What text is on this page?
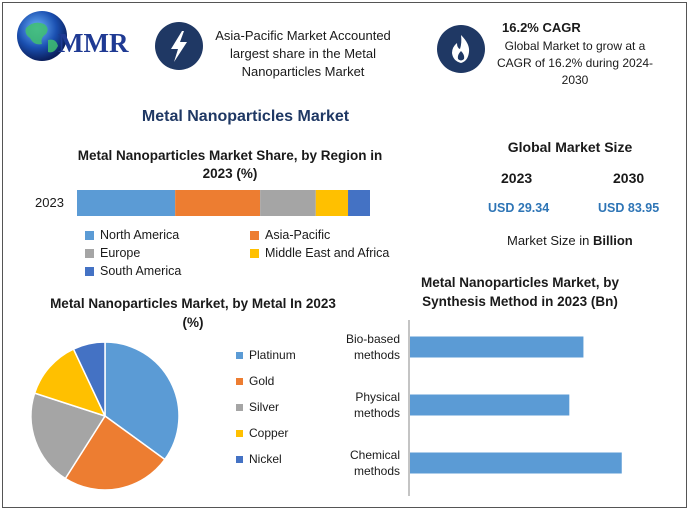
MMR	Asia-Pacific Market Accounted largest share in the Metal Nanoparticles Market
16.2% CAGR
Global Market to grow at a CAGR of 16.2% during 2024-2030
Metal Nanoparticles Market
Metal Nanoparticles Market Share, by Region in 2023 (%)
2023
North America	Asia-Pacific
Europe	Middle East and Africa
South America
Global Market Size
2023	2030
USD 29.34	USD 83.95
Market Size in Billion
Metal Nanoparticles Market, by Metal In 2023 (%)
Platinum
Gold
Silver
Copper
Nickel
Metal Nanoparticles Market, by Synthesis Method in 2023 (Bn)
Bio-based
methods
Physical
methods
Chemical
methods
